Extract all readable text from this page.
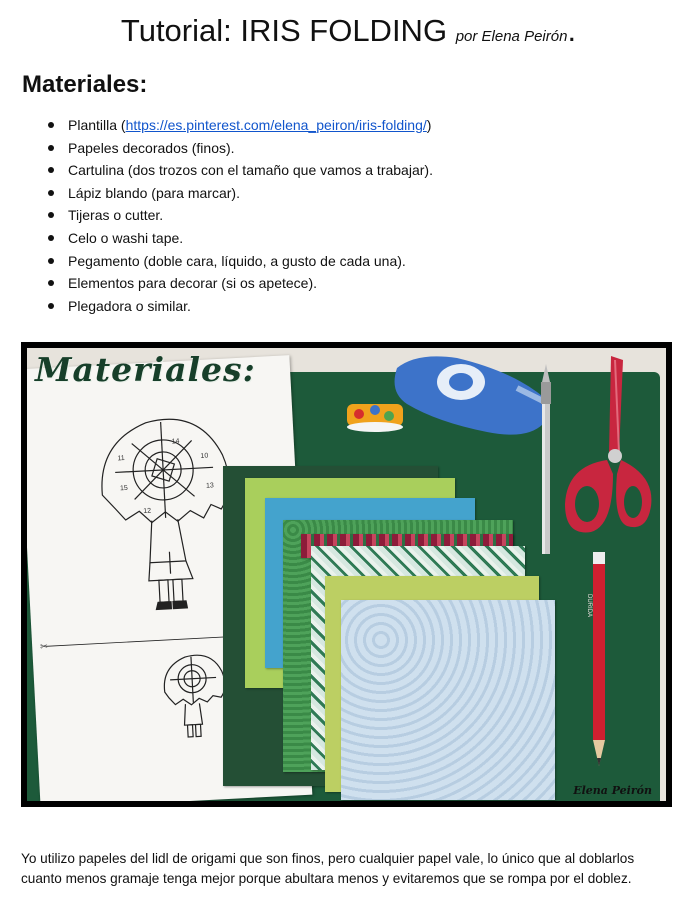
Tutorial: IRIS FOLDING por Elena Peirón.
Materiales:
Plantilla (https://es.pinterest.com/elena_peiron/iris-folding/)
Papeles decorados (finos).
Cartulina (dos trozos con el tamaño que vamos a trabajar).
Lápiz blando (para marcar).
Tijeras o cutter.
Celo o washi tape.
Pegamento (doble cara, líquido, a gusto de cada una).
Elementos para decorar (si os apetece).
Plegadora o similar.
✂
14
10
13
11
15
12
DURIDA
Materiales:
Elena Peirón
Yo utilizo papeles del lidl de origami que son finos, pero cualquier papel vale, lo único que al doblarlos
cuanto menos gramaje tenga mejor porque abultara menos y evitaremos que se rompa por el doblez.
